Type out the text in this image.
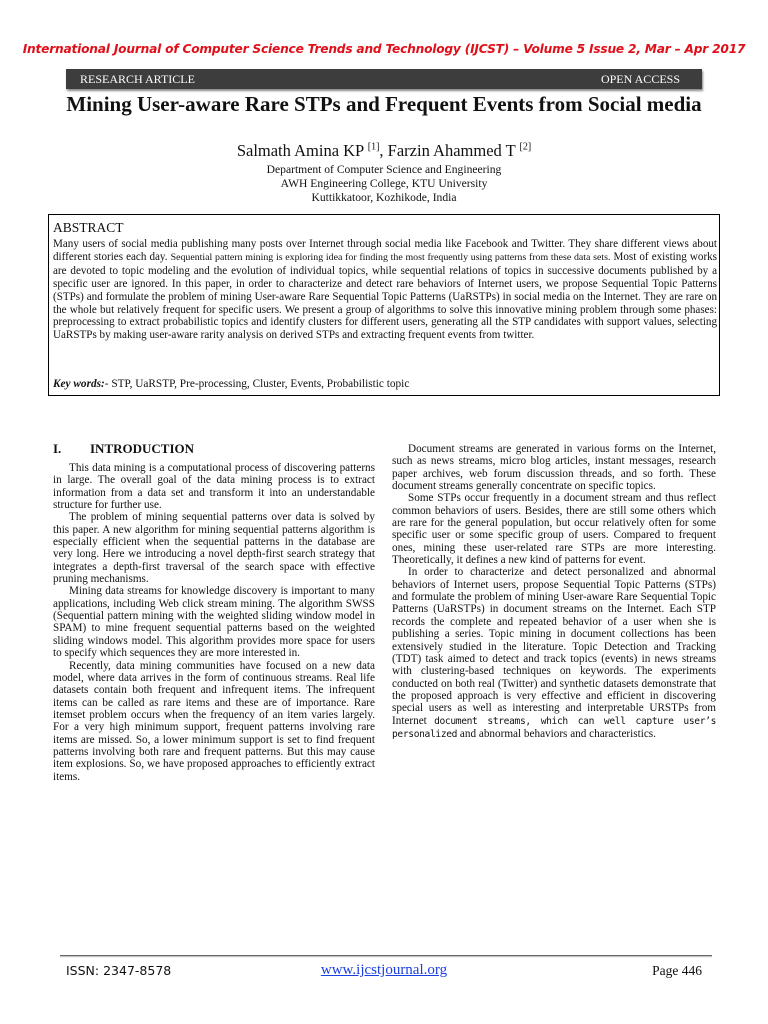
International Journal of Computer Science Trends and Technology (IJCST) – Volume 5 Issue 2, Mar – Apr 2017
RESEARCH ARTICLE	OPEN ACCESS
Mining User-aware Rare STPs and Frequent Events from Social media
Salmath Amina KP [1], Farzin Ahammed T [2]
Department of Computer Science and Engineering
AWH Engineering College, KTU University
Kuttikkatoor, Kozhikode, India
ABSTRACT
Many users of social media publishing many posts over Internet through social media like Facebook and Twitter. They share different views about different stories each day. Sequential pattern mining is exploring idea for finding the most frequently using patterns from these data sets. Most of existing works are devoted to topic modeling and the evolution of individual topics, while sequential relations of topics in successive documents published by a specific user are ignored. In this paper, in order to characterize and detect rare behaviors of Internet users, we propose Sequential Topic Patterns (STPs) and formulate the problem of mining User-aware Rare Sequential Topic Patterns (UaRSTPs) in social media on the Internet. They are rare on the whole but relatively frequent for specific users. We present a group of algorithms to solve this innovative mining problem through some phases: preprocessing to extract probabilistic topics and identify clusters for different users, generating all the STP candidates with support values, selecting UaRSTPs by making user-aware rarity analysis on derived STPs and extracting frequent events from twitter.
Key words:- STP, UaRSTP, Pre-processing, Cluster, Events, Probabilistic topic
I. INTRODUCTION

This data mining is a computational process of discovering patterns in large. The overall goal of the data mining process is to extract information from a data set and transform it into an understandable structure for further use.

The problem of mining sequential patterns over data is solved by this paper. A new algorithm for mining sequential patterns algorithm is especially efficient when the sequential patterns in the database are very long. Here we introducing a novel depth-first search strategy that integrates a depth-first traversal of the search space with effective pruning mechanisms.

Mining data streams for knowledge discovery is important to many applications, including Web click stream mining. The algorithm SWSS (Sequential pattern mining with the weighted sliding window model in SPAM) to mine frequent sequential patterns based on the weighted sliding windows model. This algorithm provides more space for users to specify which sequences they are more interested in.

Recently, data mining communities have focused on a new data model, where data arrives in the form of continuous streams. Real life datasets contain both frequent and infrequent items. The infrequent items can be called as rare items and these are of importance. Rare itemset problem occurs when the frequency of an item varies largely. For a very high minimum support, frequent patterns involving rare items are missed. So, a lower minimum support is set to find frequent patterns involving both rare and frequent patterns. But this may cause item explosions. So, we have proposed approaches to efficiently extract items.

Document streams are generated in various forms on the Internet, such as news streams, micro blog articles, instant messages, research paper archives, web forum discussion threads, and so forth. These document streams generally concentrate on specific topics.

Some STPs occur frequently in a document stream and thus reflect common behaviors of users. Besides, there are still some others which are rare for the general population, but occur relatively often for some specific user or some specific group of users. Compared to frequent ones, mining these user-related rare STPs are more interesting. Theoretically, it defines a new kind of patterns for event.

In order to characterize and detect personalized and abnormal behaviors of Internet users, propose Sequential Topic Patterns (STPs) and formulate the problem of mining User-aware Rare Sequential Topic Patterns (UaRSTPs) in document streams on the Internet. Each STP records the complete and repeated behavior of a user when she is publishing a series. Topic mining in document collections has been extensively studied in the literature. Topic Detection and Tracking (TDT) task aimed to detect and track topics (events) in news streams with clustering-based techniques on keywords. The experiments conducted on both real (Twitter) and synthetic datasets demonstrate that the proposed approach is very effective and efficient in discovering special users as well as interesting and interpretable URSTPs from Internet document streams, which can well capture user’s personalized and abnormal behaviors and characteristics.

ISSN: 2347-8578	www.ijcstjournal.org	Page 446
